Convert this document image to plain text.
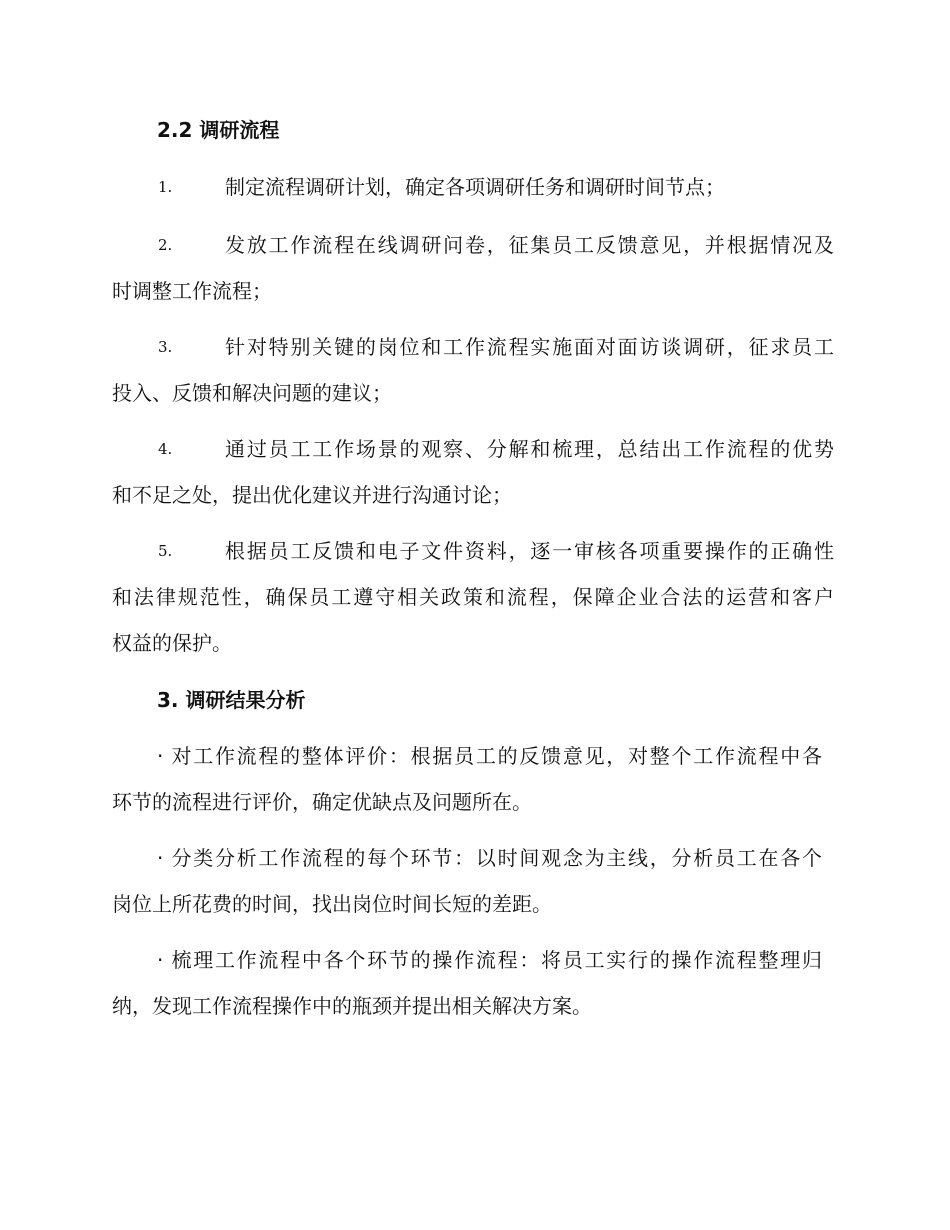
2.2 调研流程
1.	制定流程调研计划，确定各项调研任务和调研时间节点；
2.	发放工作流程在线调研问卷，征集员工反馈意见，并根据情况及
时调整工作流程；
3.	针对特别关键的岗位和工作流程实施面对面访谈调研，征求员工
投入、反馈和解决问题的建议；
4.	通过员工工作场景的观察、分解和梳理，总结出工作流程的优势
和不足之处，提出优化建议并进行沟通讨论；
5.	根据员工反馈和电子文件资料，逐一审核各项重要操作的正确性
和法律规范性，确保员工遵守相关政策和流程，保障企业合法的运营和客户
权益的保护。
3. 调研结果分析
· 对工作流程的整体评价：根据员工的反馈意见，对整个工作流程中各
环节的流程进行评价，确定优缺点及问题所在。
· 分类分析工作流程的每个环节：以时间观念为主线，分析员工在各个
岗位上所花费的时间，找出岗位时间长短的差距。
· 梳理工作流程中各个环节的操作流程：将员工实行的操作流程整理归
纳，发现工作流程操作中的瓶颈并提出相关解决方案。
